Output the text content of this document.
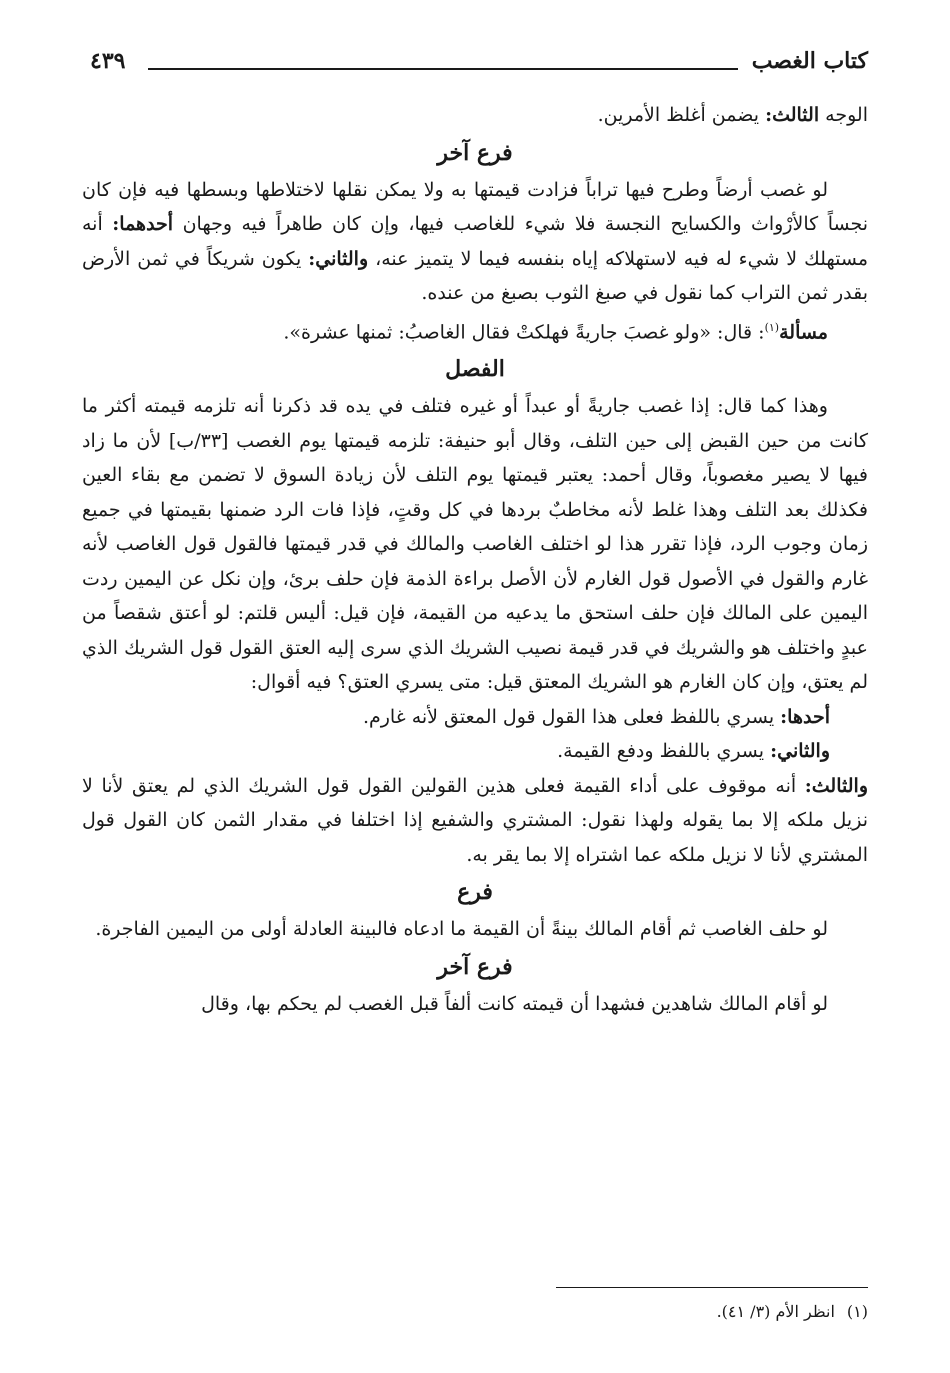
كتاب الغصب
٤٣٩

الوجه الثالث: يضمن أغلظ الأمرين.

فرع آخر

لو غصب أرضاً وطرح فيها تراباً فزادت قيمتها به ولا يمكن نقلها لاختلاطها وبسطها فيه فإن كان نجساً كالأرْواث والكسايح النجسة فلا شيء للغاصب فيها، وإن كان طاهراً فيه وجهان أحدهما: أنه مستهلك لا شيء له فيه لاستهلاكه إياه بنفسه فيما لا يتميز عنه، والثاني: يكون شريكاً في ثمن الأرض بقدر ثمن التراب كما نقول في صبغ الثوب بصبغ من عنده.

مسألة$^{(١)}$: قال: «ولو غصبَ جاريةً فهلكتْ فقال الغاصبُ: ثمنها عشرة».

الفصل

وهذا كما قال: إذا غصب جاريةً أو عبداً أو غيره فتلف في يده قد ذكرنا أنه تلزمه قيمته أكثر ما كانت من حين القبض إلى حين التلف، وقال أبو حنيفة: تلزمه قيمتها يوم الغصب [٣٣/ب] لأن ما زاد فيها لا يصير مغصوباً، وقال أحمد: يعتبر قيمتها يوم التلف لأن زيادة السوق لا تضمن مع بقاء العين فكذلك بعد التلف وهذا غلط لأنه مخاطبٌ بردها في كل وقتٍ، فإذا فات الرد ضمنها بقيمتها في جميع زمان وجوب الرد، فإذا تقرر هذا لو اختلف الغاصب والمالك في قدر قيمتها فالقول قول الغاصب لأنه غارم والقول في الأصول قول الغارم لأن الأصل براءة الذمة فإن حلف برئ، وإن نكل عن اليمين ردت اليمين على المالك فإن حلف استحق ما يدعيه من القيمة، فإن قيل: أليس قلتم: لو أعتق شقصاً من عبدٍ واختلف هو والشريك في قدر قيمة نصيب الشريك الذي سرى إليه العتق القول قول الشريك الذي لم يعتق، وإن كان الغارم هو الشريك المعتق قيل: متى يسري العتق؟ فيه أقوال:

أحدها: يسري باللفظ فعلى هذا القول قول المعتق لأنه غارم.

والثاني: يسري باللفظ ودفع القيمة.

والثالث: أنه موقوف على أداء القيمة فعلى هذين القولين القول قول الشريك الذي لم يعتق لأنا لا نزيل ملكه إلا بما يقوله ولهذا نقول: المشتري والشفيع إذا اختلفا في مقدار الثمن كان القول قول المشتري لأنا لا نزيل ملكه عما اشتراه إلا بما يقر به.

فرع

لو حلف الغاصب ثم أقام المالك بينةً أن القيمة ما ادعاه فالبينة العادلة أولى من اليمين الفاجرة.

فرع آخر

لو أقام المالك شاهدين فشهدا أن قيمته كانت ألفاً قبل الغصب لم يحكم بها، وقال

(١)انظر الأم (٣/ ٤١).
